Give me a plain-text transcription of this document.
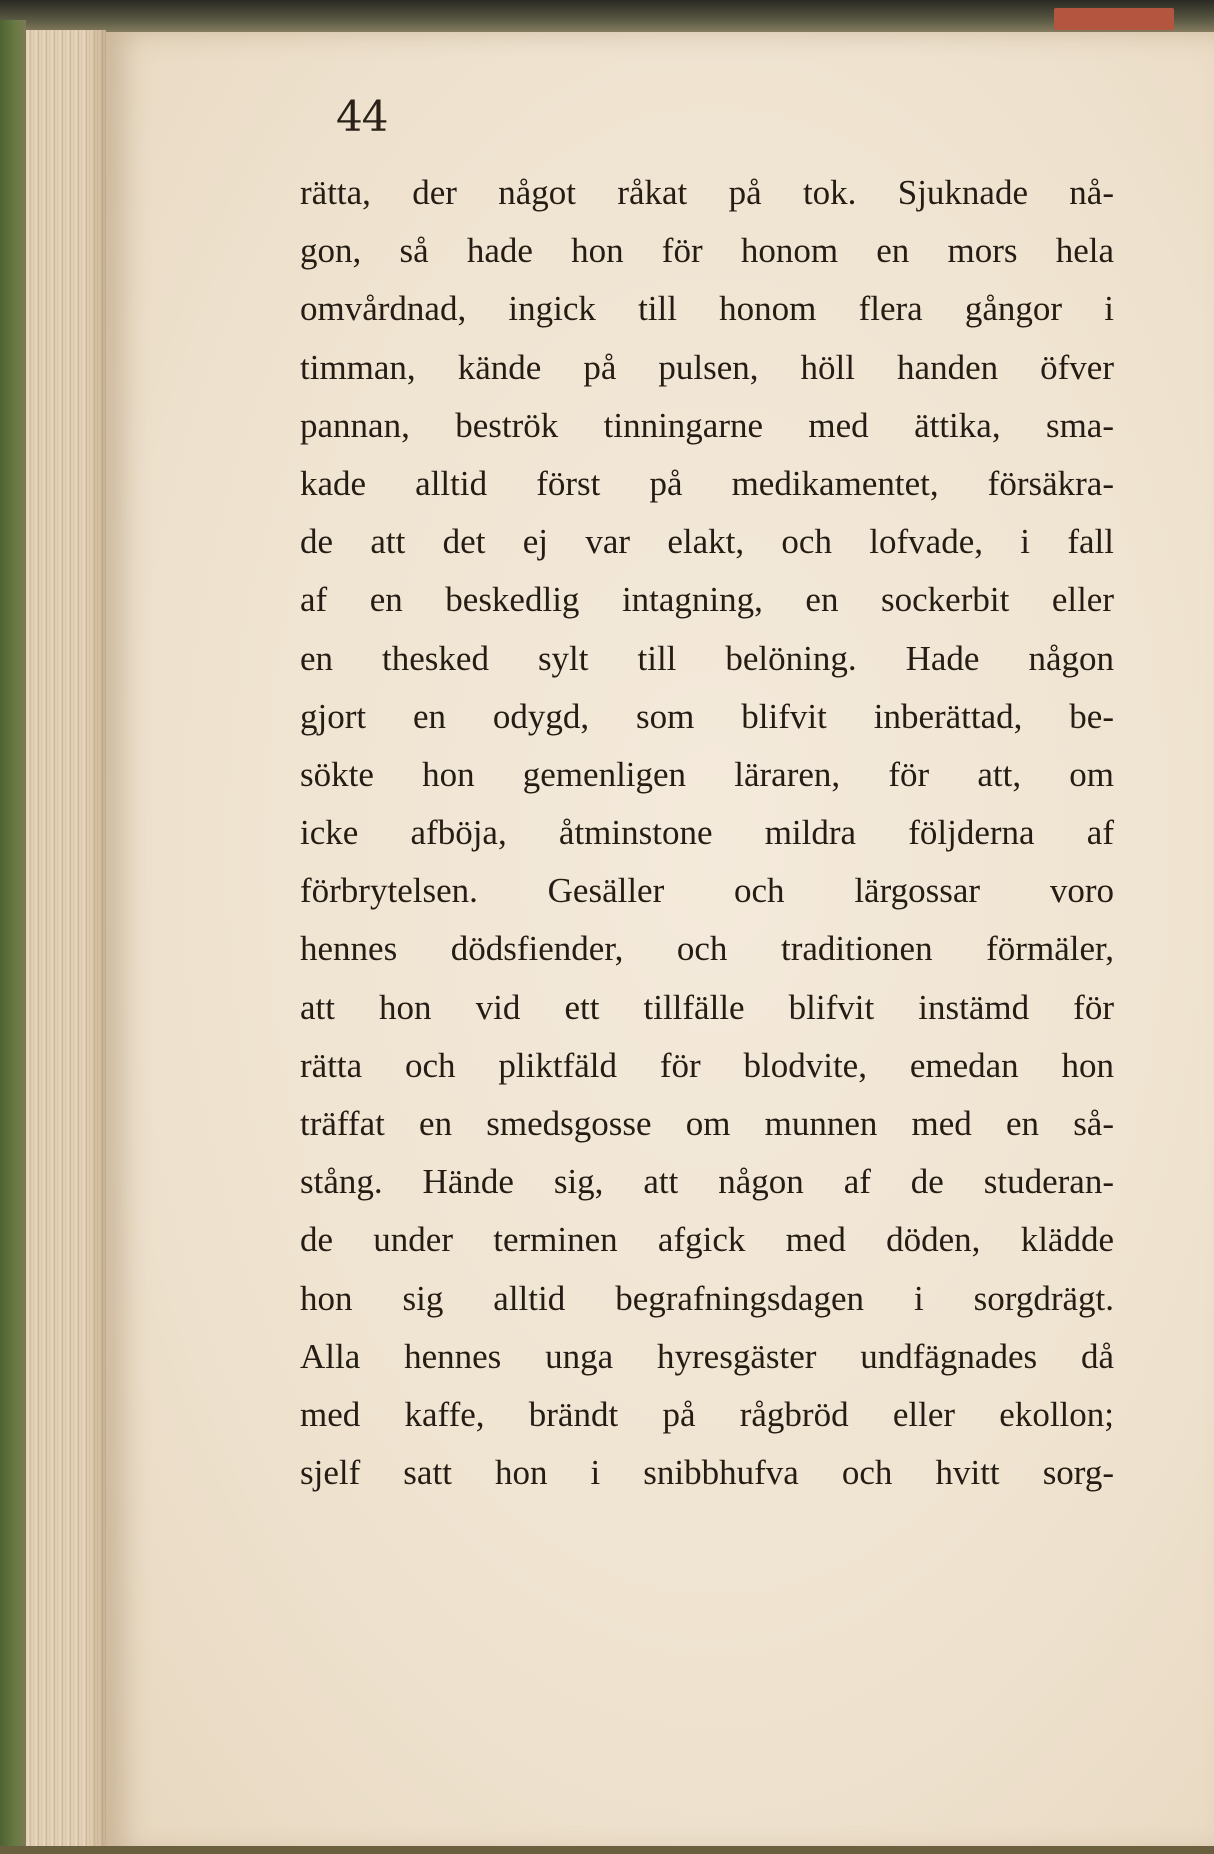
44
rätta, der något råkat på tok. Sjuknade nå-
gon, så hade hon för honom en mors hela
omvårdnad, ingick till honom flera gångor i
timman, kände på pulsen, höll handen öfver
pannan, beströk tinningarne med ättika, sma-
kade alltid först på medikamentet, försäkra-
de att det ej var elakt, och lofvade, i fall
af en beskedlig intagning, en sockerbit eller
en thesked sylt till belöning. Hade någon
gjort en odygd, som blifvit inberättad, be-
sökte hon gemenligen läraren, för att, om
icke afböja, åtminstone mildra följderna af
förbrytelsen. Gesäller och lärgossar voro
hennes dödsfiender, och traditionen förmäler,
att hon vid ett tillfälle blifvit instämd för
rätta och pliktfäld för blodvite, emedan hon
träffat en smedsgosse om munnen med en så-
stång. Hände sig, att någon af de studeran-
de under terminen afgick med döden, klädde
hon sig alltid begrafningsdagen i sorgdrägt.
Alla hennes unga hyresgäster undfägnades då
med kaffe, brändt på rågbröd eller ekollon;
sjelf satt hon i snibbhufva och hvitt sorg-
